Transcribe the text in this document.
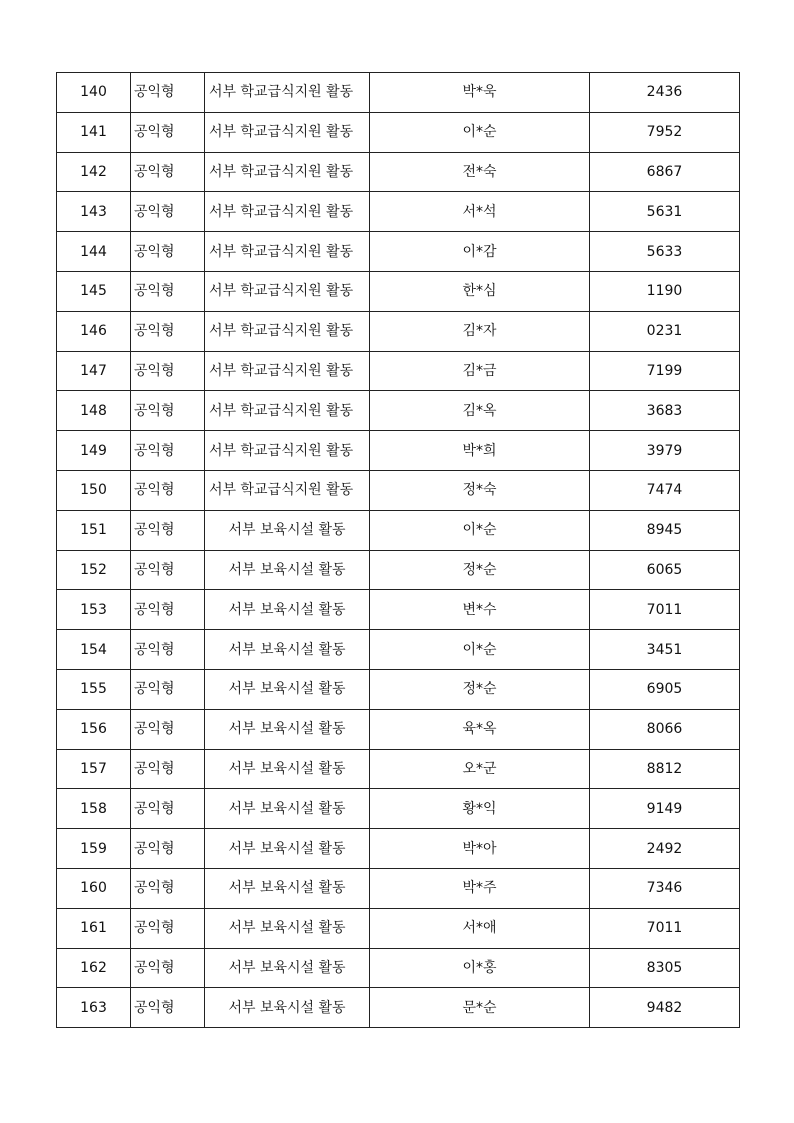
140	공익형	서부 학교급식지원 활동	박*욱	2436
141	공익형	서부 학교급식지원 활동	이*순	7952
142	공익형	서부 학교급식지원 활동	전*숙	6867
143	공익형	서부 학교급식지원 활동	서*석	5631
144	공익형	서부 학교급식지원 활동	이*감	5633
145	공익형	서부 학교급식지원 활동	한*심	1190
146	공익형	서부 학교급식지원 활동	김*자	0231
147	공익형	서부 학교급식지원 활동	김*금	7199
148	공익형	서부 학교급식지원 활동	김*옥	3683
149	공익형	서부 학교급식지원 활동	박*희	3979
150	공익형	서부 학교급식지원 활동	정*숙	7474
151	공익형	서부 보육시설 활동	이*순	8945
152	공익형	서부 보육시설 활동	정*순	6065
153	공익형	서부 보육시설 활동	변*수	7011
154	공익형	서부 보육시설 활동	이*순	3451
155	공익형	서부 보육시설 활동	정*순	6905
156	공익형	서부 보육시설 활동	육*옥	8066
157	공익형	서부 보육시설 활동	오*군	8812
158	공익형	서부 보육시설 활동	황*익	9149
159	공익형	서부 보육시설 활동	박*아	2492
160	공익형	서부 보육시설 활동	박*주	7346
161	공익형	서부 보육시설 활동	서*애	7011
162	공익형	서부 보육시설 활동	이*홍	8305
163	공익형	서부 보육시설 활동	문*순	9482
